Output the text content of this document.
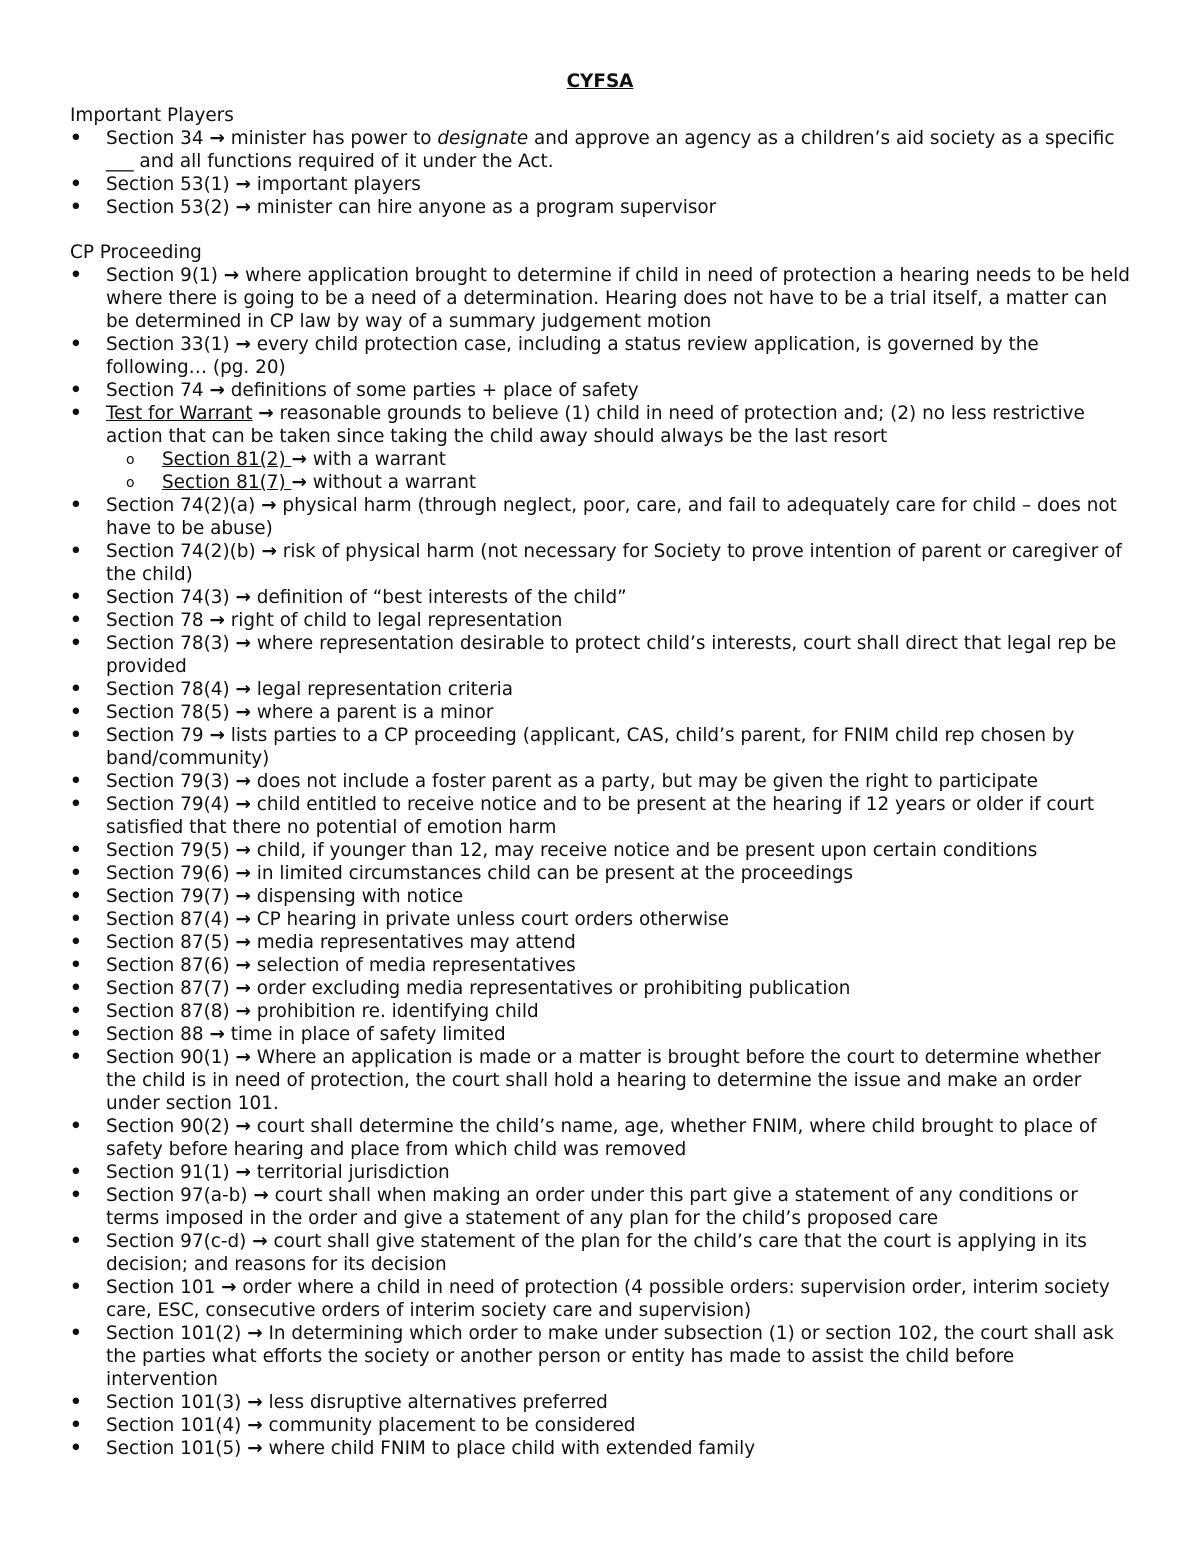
CYFSA
Important Players
• Section 34 → minister has power to designate and approve an agency as a children’s aid society as a specific ___ and all functions required of it under the Act.
• Section 53(1) → important players
• Section 53(2) → minister can hire anyone as a program supervisor
CP Proceeding
• Section 9(1) → where application brought to determine if child in need of protection a hearing needs to be held where there is going to be a need of a determination. Hearing does not have to be a trial itself, a matter can be determined in CP law by way of a summary judgement motion
• Section 33(1) → every child protection case, including a status review application, is governed by the following… (pg. 20)
• Section 74 → definitions of some parties + place of safety
• Test for Warrant → reasonable grounds to believe (1) child in need of protection and; (2) no less restrictive action that can be taken since taking the child away should always be the last resort
o Section 81(2) → with a warrant
o Section 81(7) → without a warrant
• Section 74(2)(a) → physical harm (through neglect, poor, care, and fail to adequately care for child – does not have to be abuse)
• Section 74(2)(b) → risk of physical harm (not necessary for Society to prove intention of parent or caregiver of the child)
• Section 74(3) → definition of “best interests of the child”
• Section 78 → right of child to legal representation
• Section 78(3) → where representation desirable to protect child’s interests, court shall direct that legal rep be provided
• Section 78(4) → legal representation criteria
• Section 78(5) → where a parent is a minor
• Section 79 → lists parties to a CP proceeding (applicant, CAS, child’s parent, for FNIM child rep chosen by band/community)
• Section 79(3) → does not include a foster parent as a party, but may be given the right to participate
• Section 79(4) → child entitled to receive notice and to be present at the hearing if 12 years or older if court satisfied that there no potential of emotion harm
• Section 79(5) → child, if younger than 12, may receive notice and be present upon certain conditions
• Section 79(6) → in limited circumstances child can be present at the proceedings
• Section 79(7) → dispensing with notice
• Section 87(4) → CP hearing in private unless court orders otherwise
• Section 87(5) → media representatives may attend
• Section 87(6) → selection of media representatives
• Section 87(7) → order excluding media representatives or prohibiting publication
• Section 87(8) → prohibition re. identifying child
• Section 88 → time in place of safety limited
• Section 90(1) → Where an application is made or a matter is brought before the court to determine whether the child is in need of protection, the court shall hold a hearing to determine the issue and make an order under section 101.
• Section 90(2) → court shall determine the child’s name, age, whether FNIM, where child brought to place of safety before hearing and place from which child was removed
• Section 91(1) → territorial jurisdiction
• Section 97(a-b) → court shall when making an order under this part give a statement of any conditions or terms imposed in the order and give a statement of any plan for the child’s proposed care
• Section 97(c-d) → court shall give statement of the plan for the child’s care that the court is applying in its decision; and reasons for its decision
• Section 101 → order where a child in need of protection (4 possible orders: supervision order, interim society care, ESC, consecutive orders of interim society care and supervision)
• Section 101(2) → In determining which order to make under subsection (1) or section 102, the court shall ask the parties what efforts the society or another person or entity has made to assist the child before intervention
• Section 101(3) → less disruptive alternatives preferred
• Section 101(4) → community placement to be considered
• Section 101(5) → where child FNIM to place child with extended family
